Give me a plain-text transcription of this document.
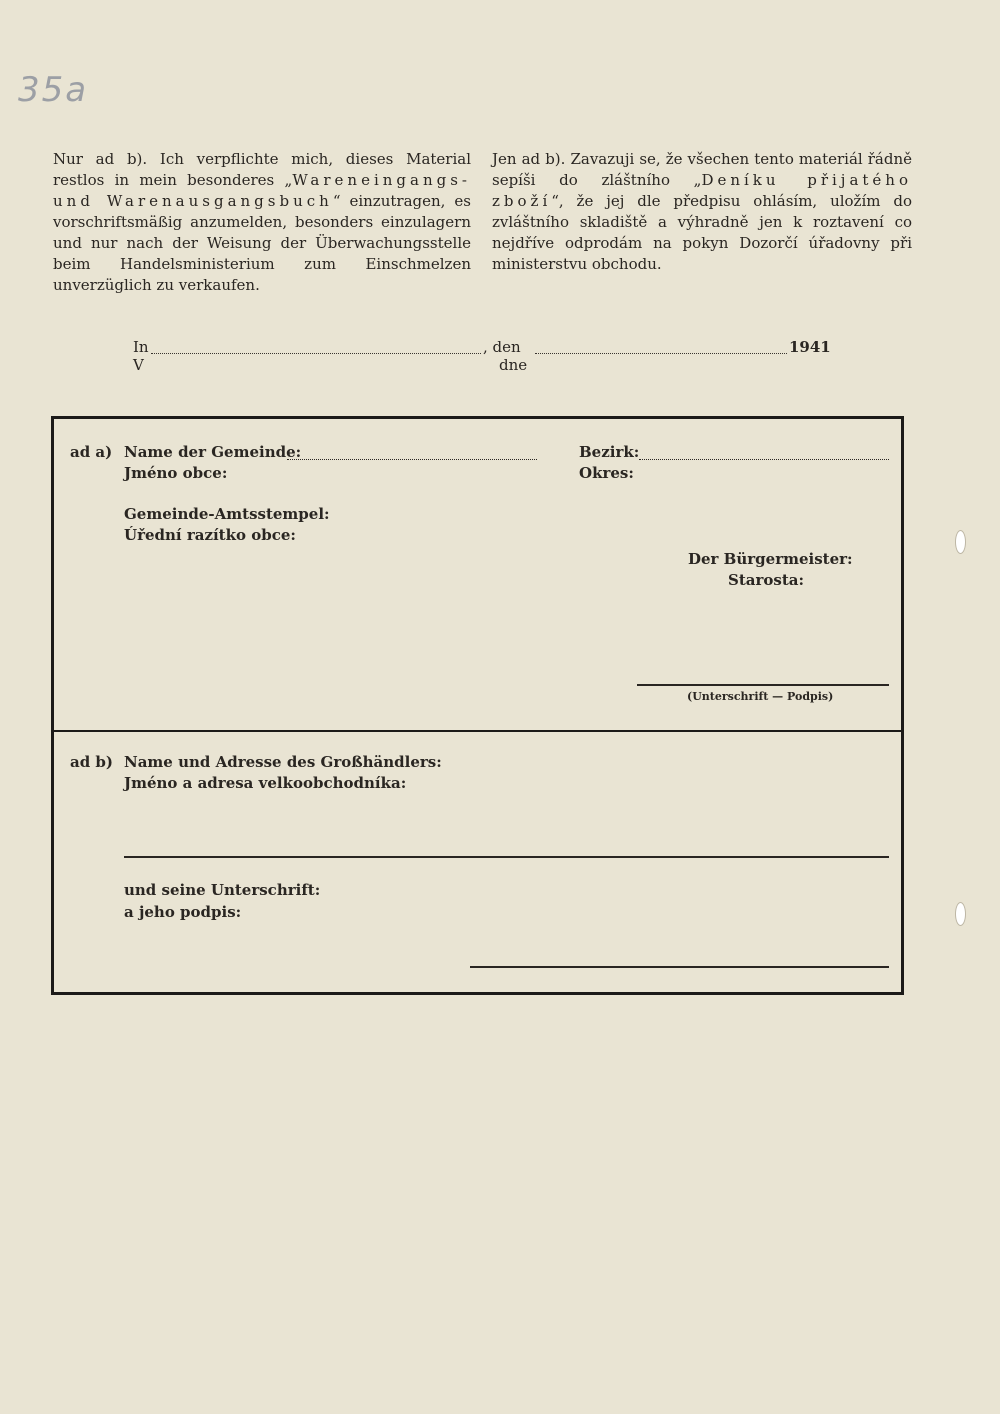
35a
Nur ad b). Ich verpflichte mich, dieses Material restlos in mein besonderes „Wareneingangs- und Warenausgangsbuch“ einzutragen, es vorschriftsmäßig anzumelden, besonders einzulagern und nur nach der Weisung der Überwachungsstelle beim Handelsministerium zum Einschmelzen unverzüglich zu verkaufen.
Jen ad b). Zavazuji se, že všechen tento materiál řádně sepíši do zláštního „Deníku přijatého zboží“, že jej dle předpisu ohlásím, uložím do zvláštního skladiště a výhradně jen k roztavení co nejdříve odprodám na pokyn Dozorčí úřadovny při ministerstvu obchodu.
In
V
, den
dne
1941
ad a) Name der Gemeinde:
Jméno obce:
Bezirk:
Okres:
Gemeinde-Amtsstempel:
Úřední razítko obce:
Der Bürgermeister:
Starosta:
(Unterschrift — Podpis)
ad b) Name und Adresse des Großhändlers:
Jméno a adresa velkoobchodníka:
und seine Unterschrift:
a jeho podpis:
